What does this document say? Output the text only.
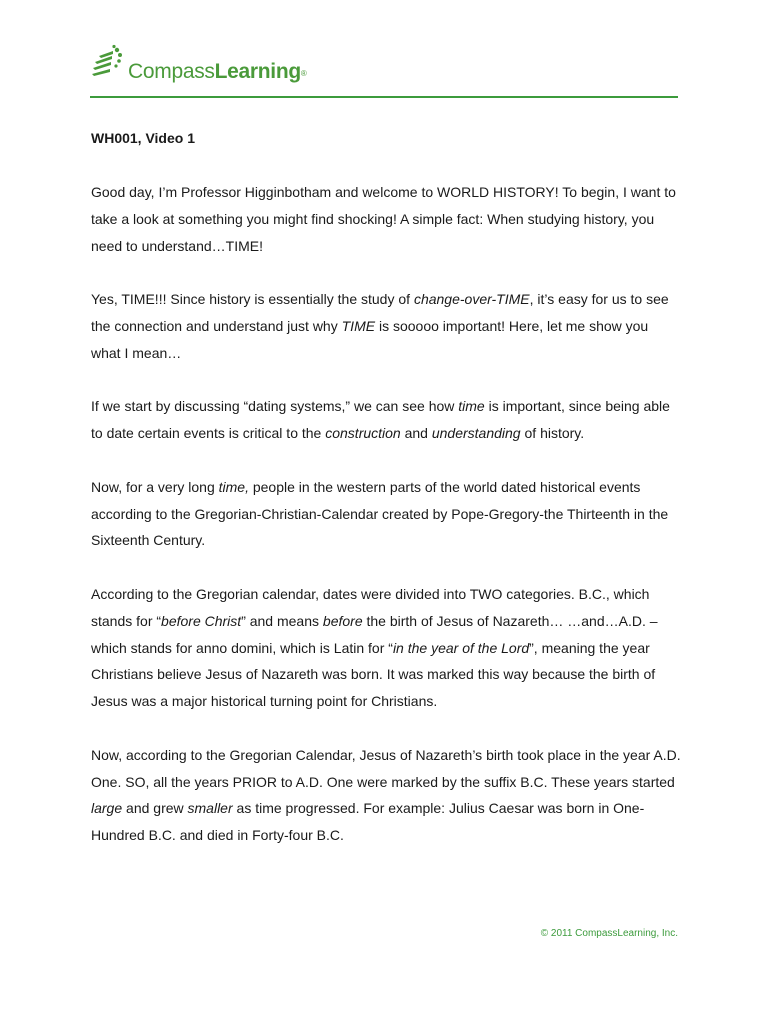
CompassLearning®
WH001, Video 1

Good day, I’m Professor Higginbotham and welcome to WORLD HISTORY! To begin, I want to take a look at something you might find shocking! A simple fact: When studying history, you need to understand…TIME!

Yes, TIME!!! Since history is essentially the study of change-over-TIME, it’s easy for us to see the connection and understand just why TIME is sooooo important! Here, let me show you what I mean…

If we start by discussing “dating systems,” we can see how time is important, since being able to date certain events is critical to the construction and understanding of history.

Now, for a very long time, people in the western parts of the world dated historical events according to the Gregorian-Christian-Calendar created by Pope-Gregory-the Thirteenth in the Sixteenth Century.

According to the Gregorian calendar, dates were divided into TWO categories. B.C., which stands for “before Christ” and means before the birth of Jesus of Nazareth… …and…A.D. – which stands for anno domini, which is Latin for “in the year of the Lord”, meaning the year Christians believe Jesus of Nazareth was born. It was marked this way because the birth of Jesus was a major historical turning point for Christians.

Now, according to the Gregorian Calendar, Jesus of Nazareth’s birth took place in the year A.D. One. SO, all the years PRIOR to A.D. One were marked by the suffix B.C. These years started large and grew smaller as time progressed. For example: Julius Caesar was born in One-Hundred B.C. and died in Forty-four B.C.

© 2011 CompassLearning, Inc.
